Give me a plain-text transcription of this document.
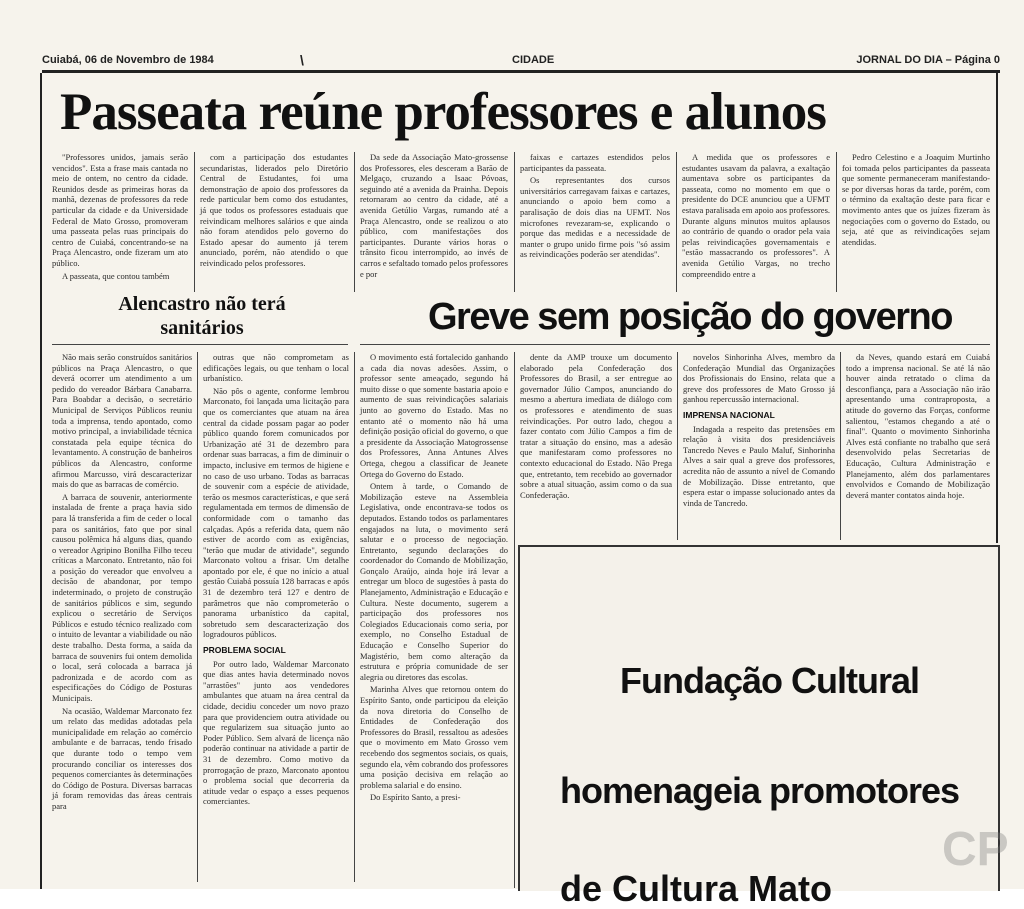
Cuiabá, 06 de Novembro de 1984	\	CIDADE	JORNAL DO DIA – Página 0
Passeata reúne professores e alunos

"Professores unidos, jamais serão vencidos". Esta a frase mais cantada no meio de ontem, no centro da cidade. Reunidos desde as primeiras horas da manhã, dezenas de professores da rede particular da cidade e da Universidade Federal de Mato Grosso, promoveram uma passeata pelas ruas principais do centro de Cuiabá, concentrando-se na Praça Alencastro, onde fizeram um ato público.

A passeata, que contou também

com a participação dos estudantes secundaristas, liderados pelo Diretório Central de Estudantes, foi uma demonstração de apoio dos professores da rede particular bem como dos estudantes, já que todos os professores estaduais que reivindicam melhores salários e que ainda não foram atendidos pelo governo do Estado apesar do aumento já terem anunciado, porém, não atendido o que reivindicado pelos professores.

Da sede da Associação Mato-grossense dos Professores, eles desceram a Barão de Melgaço, cruzando a Isaac Póvoas, seguindo até a avenida da Prainha. Depois retornaram ao centro da cidade, até a avenida Getúlio Vargas, rumando até a Praça Alencastro, onde se realizou o ato público, com manifestações dos participantes. Durante vários horas o trânsito ficou interrompido, ao invés de carros e sefaltado tomado pelos professores e por

faixas e cartazes estendidos pelos participantes da passeata.

Os representantes dos cursos universitários carregavam faixas e cartazes, anunciando o apoio bem como a paralisação de dois dias na UFMT. Nos microfones revezaram-se, explicando o porque das medidas e a necessidade de manter o grupo unido firme pois "só assim as reivindicações poderão ser atendidas".

A medida que os professores e estudantes usavam da palavra, a exaltação aumentava sobre os participantes da passeata, como no momento em que o presidente do DCE anunciou que a UFMT estava paralisada em apoio aos professores. Durante alguns minutos muitos aplausos ao contrário de quando o orador pela vaia pelas reivindicações governamentais e "estão massacrando os professores". A avenida Getúlio Vargas, no trecho compreendido entre a

Pedro Celestino e a Joaquim Murtinho foi tomada pelos participantes da passeata que somente permaneceram manifestando-se por diversas horas da tarde, porém, com o término da exaltação deste para ficar e movimento antes que os juízes fizeram às negociações com o governo do Estado, ou seja, até que as reivindicações sejam atendidas.

Alencastro não terá sanitários	Greve sem posição do governo

Não mais serão construídos sanitários públicos na Praça Alencastro, o que deverá ocorrer um atendimento a um pedido do vereador Bárbara Canabarra. Para Boabdar a decisão, o secretário Municipal de Serviços Públicos reuniu toda a imprensa, tendo apontado, como motivo principal, a inviabilidade técnica constatada pela equipe técnica do levantamento. A construção de banheiros públicos da Alencastro, conforme afirmou Marcusso, virá descaracterizar mais do que as barracas de comércio.

A barraca de souvenir, anteriormente instalada de frente a praça havia sido para lá transferida a fim de ceder o local para os sanitários, fato que por sinal causou polêmica há alguns dias, quando o vereador Agripino Bonilha Filho teceu críticas a Marconato. Entretanto, não foi a posição do vereador que envolveu a decisão de abandonar, por tempo indeterminado, o projeto de construção de sanitários públicos e sim, segundo explicou o secretário de Serviços Públicos e estudo técnico realizado com o intuito de levantar a viabilidade ou não deste trabalho. Desta forma, a saída da barraca de souvenirs fui ontem demolida o local, será colocada a barraca já padronizada e de acordo com as especificações do Código de Posturas Municipais.

Na ocasião, Waldemar Marconato fez um relato das medidas adotadas pela municipalidade em relação ao comércio ambulante e de barracas, tendo frisado que durante todo o tempo vem procurando conciliar os interesses dos pequenos comerciantes às determinações do Código de Postura. Diversas barracas já foram removidas das áreas centrais para

outras que não comprometam as edificações legais, ou que tenham o local urbanístico.

Não pôs o agente, conforme lembrou Marconato, foi lançada uma licitação para que os comerciantes que atuam na área central da cidade possam pagar ao poder público quando forem comunicados por Urbanização até 31 de dezembro para ordenar suas barracas, a fim de diminuir o impacto, inclusive em termos de higiene e no caso de uso urbano. Todas as barracas de souvenir com a espécie de atividade, terão os mesmos características, e que será regulamentada em termos de dimensão de conformidade com o tamanho das calçadas. Após a referida data, quem não estiver de acordo com as exigências, "terão que mudar de atividade", segundo Marconato voltou a frisar. Um detalhe apontado por ele, é que no início a atual gestão Cuiabá possuía 128 barracas e após 31 de dezembro terá 127 e dentro de parâmetros que não comprometerão o panorama urbanístico da capital, sobretudo sem descaracterização dos logradouros públicos.

PROBLEMA SOCIAL

Por outro lado, Waldemar Marconato que dias antes havia determinado novos "arrastões" junto aos vendedores ambulantes que atuam na área central da cidade, decidiu conceder um novo prazo para que providenciem outra atividade ou que regularizem sua situação junto ao Poder Público. Sem alvará de licença não poderão continuar na atividade a partir de 31 de dezembro. Como motivo da prorrogação de prazo, Marconato apontou o problema social que decorreria da atitude vedar o espaço a esses pequenos comerciantes.

O movimento está fortalecido ganhando a cada dia novas adesões. Assim, o professor sente ameaçado, segundo há muito disse o que somente bastaria apoio e aumento de suas reivindicações salariais junto ao governo do Estado. Mas no entanto até o momento não há uma definição posição oficial do governo, o que a presidente da Associação Matogrossense dos Professores, Anna Antunes Alves Ortega, chegou a classificar de Jeanete Ortega do Governo do Estado.

Ontem à tarde, o Comando de Mobilização esteve na Assembleia Legislativa, onde encontrava-se todos os deputados. Estando todos os parlamentares engajados na luta, o movimento será salutar e o processo de negociação. Entretanto, segundo declarações do coordenador do Comando de Mobilização, Gonçalo Araújo, ainda hoje irá levar a entregar um bloco de sugestões à pasta do Planejamento, Administração e Educação e Cultura. Neste documento, sugerem a participação dos professores nos Colegiados Educacionais como seria, por exemplo, no Conselho Estadual de Educação e Conselho Superior do Magistério, bem como alteração da estrutura e própria comunidade de ser alegria ou diretores das escolas.

Marinha Alves que retornou ontem do Espírito Santo, onde participou da eleição da nova diretoria do Conselho de Entidades de Confederação dos Professores do Brasil, ressaltou as adesões que o movimento em Mato Grosso vem recebendo dos segmentos sociais, os quais, segundo ela, vêm cobrando dos professores uma posição decisiva em relação ao problema salarial e do ensino.

Do Espírito Santo, a presi-

dente da AMP trouxe um documento elaborado pela Confederação dos Professores do Brasil, a ser entregue ao governador Júlio Campos, anunciando do mesmo a abertura imediata de diálogo com os professores e atendimento de suas reivindicações. Por outro lado, chegou a fazer contato com Júlio Campos a fim de tratar a situação do ensino, mas a adesão que manifestaram como professores no contexto educacional do Estado. Não Prega que, entretanto, tem recebido ao governador sobre a atual situação, assim como o da sua Confederação.

novelos Sinhorinha Alves, membro da Confederação Mundial das Organizações dos Profissionais do Ensino, relata que a greve dos professores de Mato Grosso já ganhou repercussão internacional.

IMPRENSA NACIONAL

Indagada a respeito das pretensões em relação à visita dos presidenciáveis Tancredo Neves e Paulo Maluf, Sinhorinha Alves a sair qual a greve dos professores, acredita não de assunto a nível de Comando de Mobilização. Disse entretanto, que espera estar o impasse solucionado antes da vinda de Tancredo.

da Neves, quando estará em Cuiabá todo a imprensa nacional. Se até lá não houver ainda retratado o clima da desconfiança, para a Associação não irão apresentando uma contraproposta, a atitude do governo das Forças, conforme salientou, "estamos chegando a até o final". Quanto o movimento Sinhorinha Alves está confiante no trabalho que será desenvolvido pelas Secretarias de Educação, Cultura Administração e Planejamento, além dos parlamentares envolvidos e Comando de Mobilização deverá manter contatos ainda hoje.

Fundação Cultural
homenageia promotores
de Cultura Mato
CP
